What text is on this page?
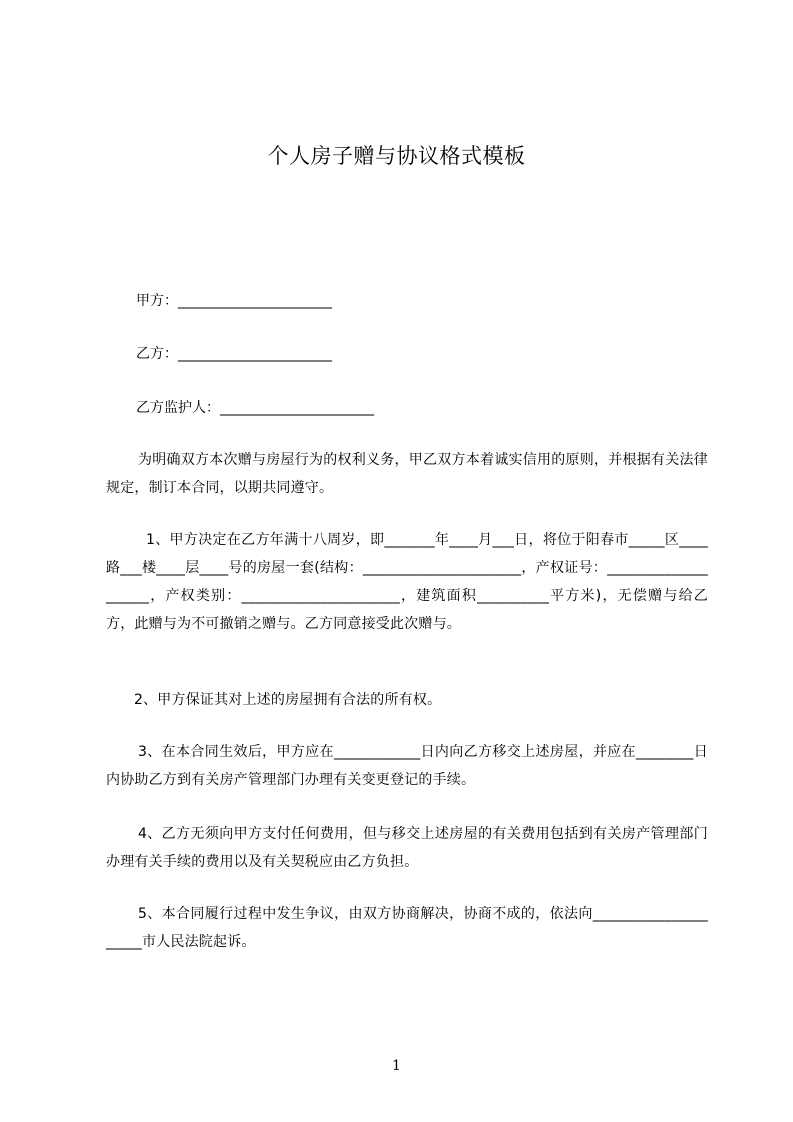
个人房子赠与协议格式模板
甲方：______________________
乙方：______________________
乙方监护人：______________________
为明确双方本次赠与房屋行为的权利义务，甲乙双方本着诚实信用的原则，并根据有关法律规定，制订本合同，以期共同遵守。
1、甲方决定在乙方年满十八周岁，即_______年____月___日，将位于阳春市_____区____路___楼____层____号的房屋一套(结构：______________________，产权证号：____________________，产权类别：______________________，建筑面积__________平方米)，无偿赠与给乙方，此赠与为不可撤销之赠与。乙方同意接受此次赠与。
2、甲方保证其对上述的房屋拥有合法的所有权。
3、在本合同生效后，甲方应在____________日内向乙方移交上述房屋，并应在________日内协助乙方到有关房产管理部门办理有关变更登记的手续。
4、乙方无须向甲方支付任何费用，但与移交上述房屋的有关费用包括到有关房产管理部门办理有关手续的费用以及有关契税应由乙方负担。
5、本合同履行过程中发生争议，由双方协商解决，协商不成的，依法向_____________________市人民法院起诉。
1
